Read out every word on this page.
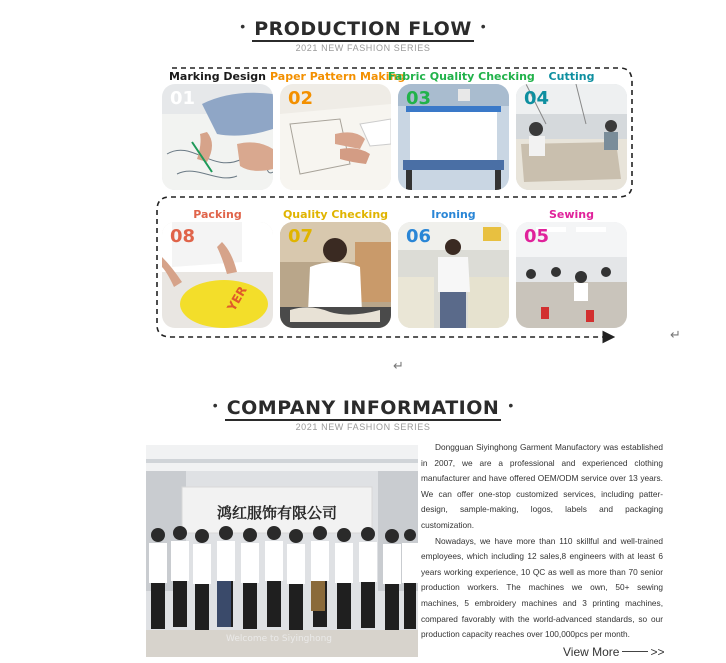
• PRODUCTION FLOW •
2021 NEW FASHION SERIES
Marking Design
01
Paper Pattern Making
02
Fabric Quality Checking
03
Cutting
04
Packing
YER
08
Quality Checking
07
Ironing
06
Sewing
05
↵
↵
• COMPANY INFORMATION •
2021 NEW FASHION SERIES
鸿红服饰有限公司
Welcome to Siyinghong

Dongguan Siyinghong Garment Manufactory was established in 2007, we are a professional and experienced clothing manufacturer and have offered OEM/ODM service over 13 years. We can offer one-stop customized services, including patter-design, sample-making, logos, labels and packaging customization.

Nowadays, we have more than 110 skillful and well-trained employees, which including 12 sales,8 engineers with at least 6 years working experience, 10 QC as well as more than 70 senior production workers. The machines we own, 50+ sewing machines, 5 embroidery machines and 3 printing machines, compared favorably with the world-advanced standards, so our production capacity reaches over 100,000pcs per month.

View More	>>
